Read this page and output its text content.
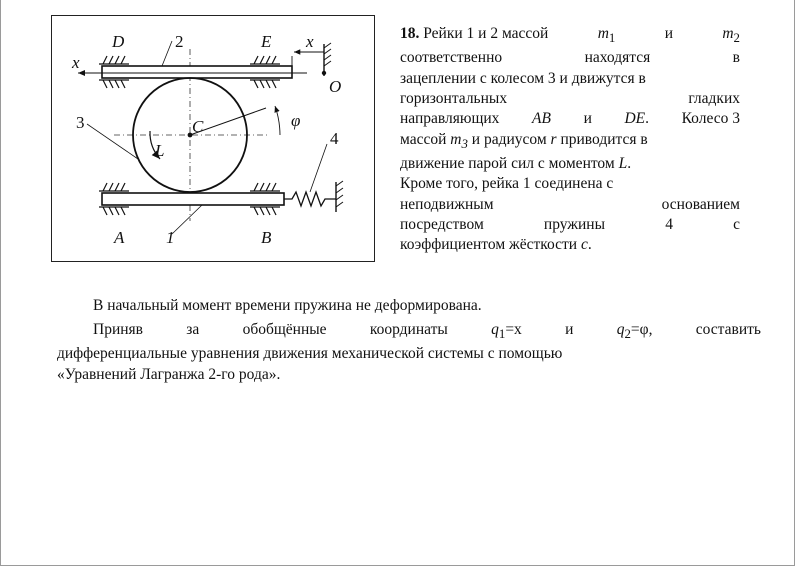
D	2	E x
x
O
3	C	φ
4
L
A 1	B
18. Рейки 1 и 2 массой	$m_1$	и	$m_2$
соответственно	находятся	в
зацеплении с колесом 3 и движутся в
горизонтальных	гладких
направляющих AB и DE. Колесо 3
массой $m_3$ и радиусом r приводится в
движение парой сил с моментом L.
Кроме того, рейка 1 соединена с
неподвижным	основанием
посредством	пружины	4	с
коэффициентом жёсткости c.
В начальный момент времени пружина не деформирована.
Приняв	за	обобщённые	координаты	$q_1=x$	и	$q_2=\varphi$,	составить
дифференциальные уравнения движения механической системы с помощью
«Уравнений Лагранжа 2-го рода».
